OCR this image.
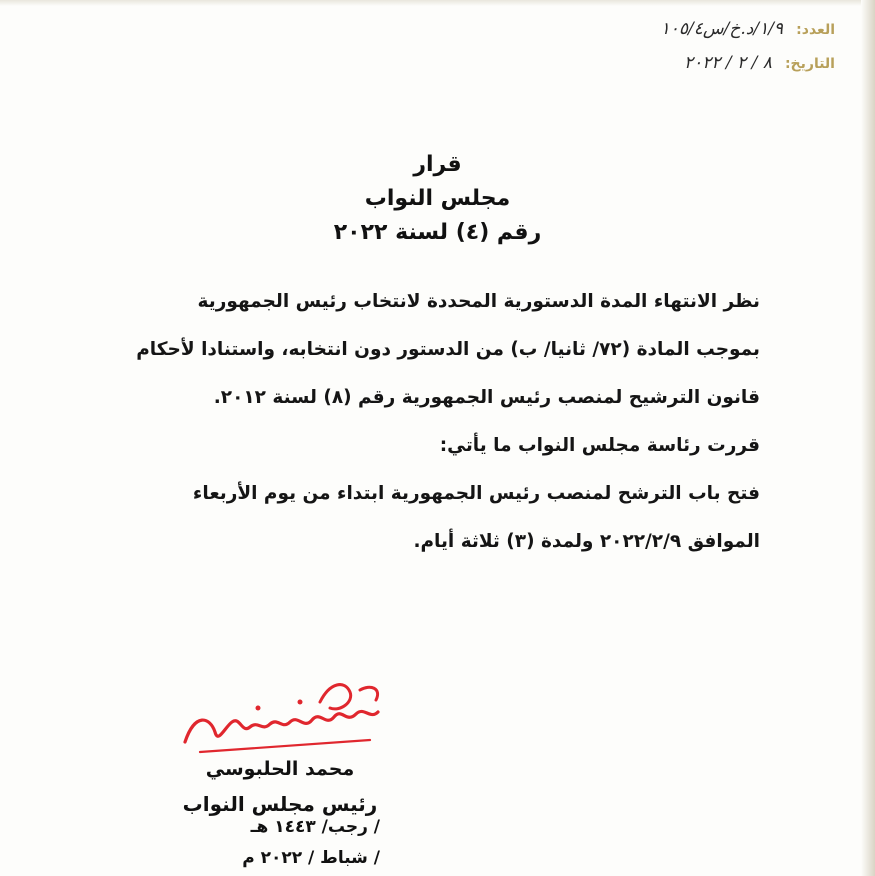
العدد: ١/٩/د.خ/س١٠٥/٤
التاريخ: ٨ / ٢ / ٢٠٢٢
قرار
مجلس النواب
رقم (٤) لسنة ٢٠٢٢
نظر الانتهاء المدة الدستورية المحددة لانتخاب رئيس الجمهورية
بموجب المادة (٧٢/ ثانيا/ ب) من الدستور دون انتخابه، واستنادا لأحكام
قانون الترشيح لمنصب رئيس الجمهورية رقم (٨) لسنة ٢٠١٢.
قررت رئاسة مجلس النواب ما يأتي:
فتح باب الترشح لمنصب رئيس الجمهورية ابتداء من يوم الأربعاء
الموافق ٢٠٢٢/٢/٩ ولمدة (٣) ثلاثة أيام.
محمد الحلبوسي
رئيس مجلس النواب
/ رجب/ ١٤٤٣ هـ
/ شباط / ٢٠٢٢ م
